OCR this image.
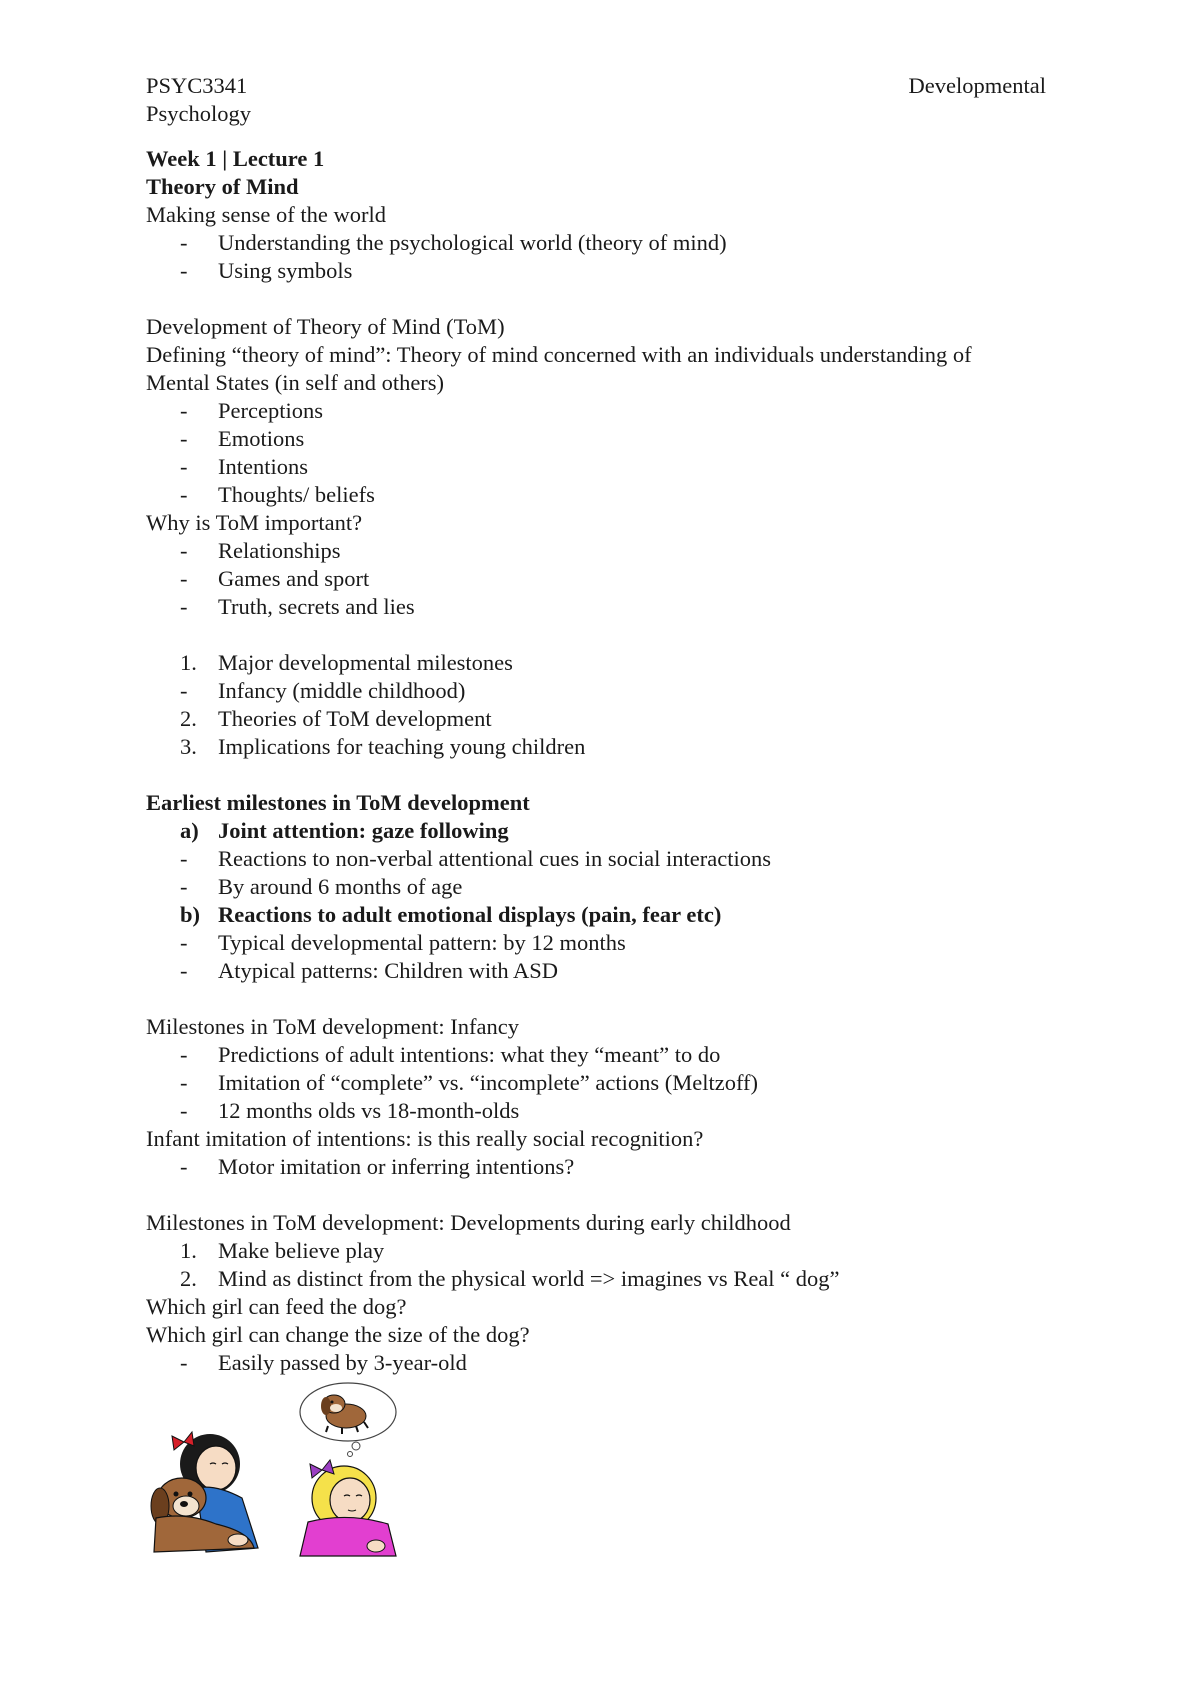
PSYC3341	Developmental
Psychology
Week 1 | Lecture 1
Theory of Mind
Making sense of the world
-	Understanding the psychological world (theory of mind)
-	Using symbols
Development of Theory of Mind (ToM)
Defining “theory of mind”: Theory of mind concerned with an individuals understanding of
Mental States (in self and others)
-	Perceptions
-	Emotions
-	Intentions
-	Thoughts/ beliefs
Why is ToM important?
-	Relationships
-	Games and sport
-	Truth, secrets and lies
1. Major developmental milestones
-	Infancy (middle childhood)
2. Theories of ToM development
3. Implications for teaching young children
Earliest milestones in ToM development
a) Joint attention: gaze following
-	Reactions to non-verbal attentional cues in social interactions
-	By around 6 months of age
b) Reactions to adult emotional displays (pain, fear etc)
-	Typical developmental pattern: by 12 months
-	Atypical patterns: Children with ASD
Milestones in ToM development: Infancy
-	Predictions of adult intentions: what they “meant” to do
-	Imitation of “complete” vs. “incomplete” actions (Meltzoff)
-	12 months olds vs 18-month-olds
Infant imitation of intentions: is this really social recognition?
-	Motor imitation or inferring intentions?
Milestones in ToM development: Developments during early childhood
1. Make believe play
2. Mind as distinct from the physical world => imagines vs Real “ dog”
Which girl can feed the dog?
Which girl can change the size of the dog?
-	Easily passed by 3-year-old
